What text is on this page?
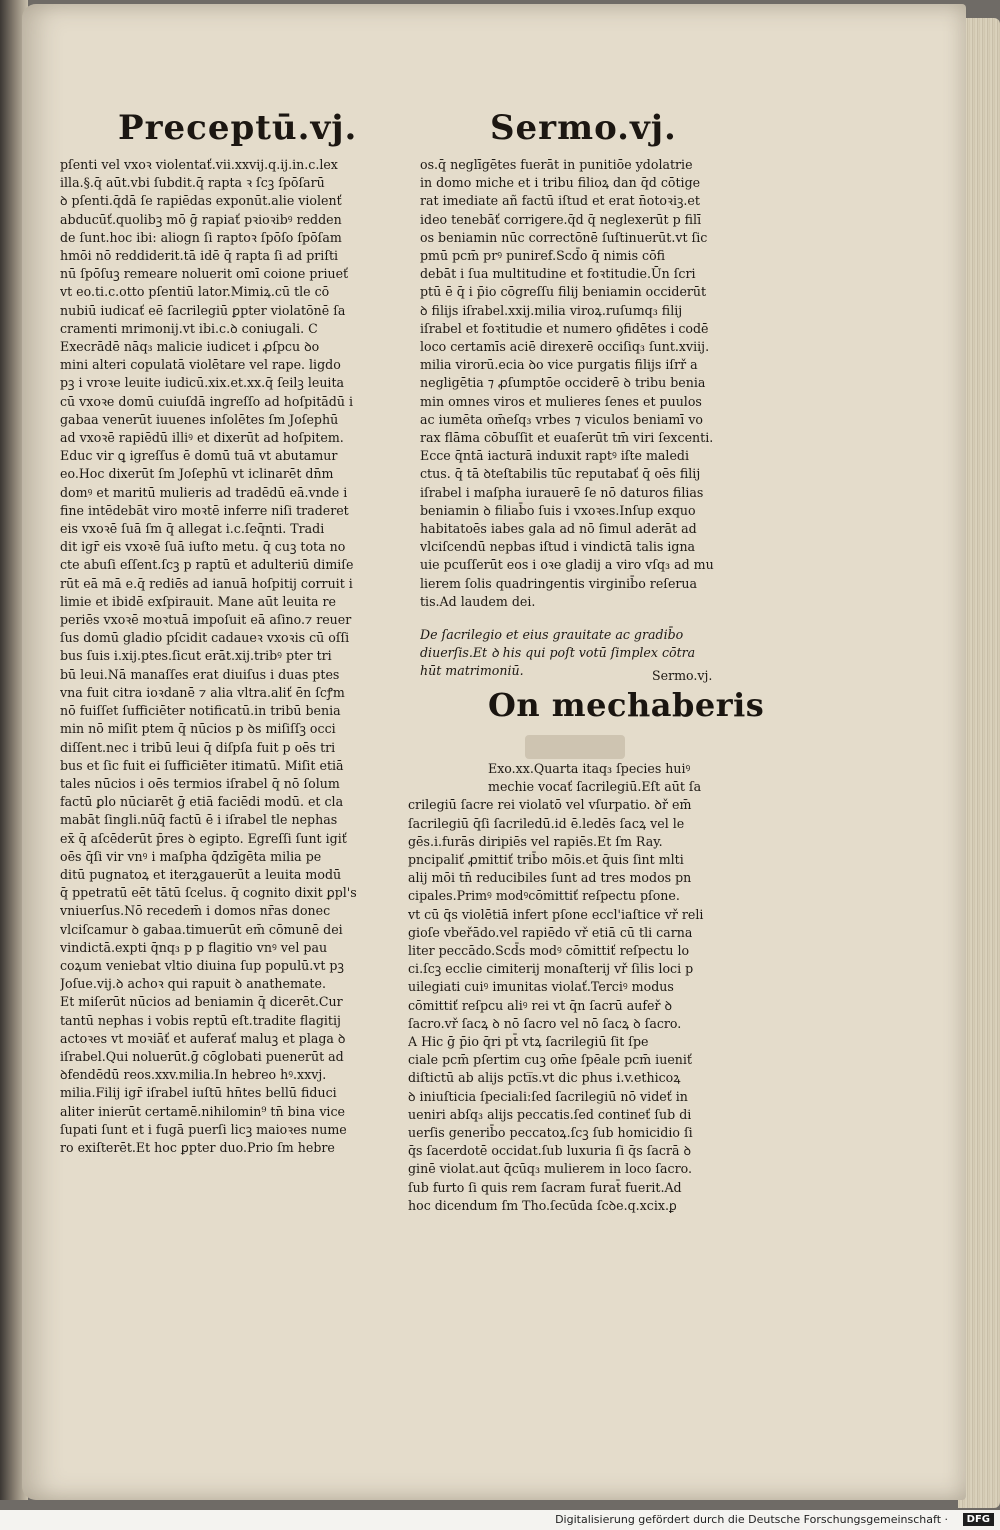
Preceptū.vj.	Sermo.vj.
pſenti vel vxoꝛ violentať.vii.xxvij.q.ij.in.c.lex
illa.§.q̄ aūt.vbi ſubdit.q̄ rapta ꝛ ſcꝫ ſpōſarū
ꝺ pſenti.q̄dā ſe rapiēdas exponūt.alie violenť
abducūť.quolibꝫ mō ḡ rapiať pꝛioꝛibꝰ redden
de ſunt.hoc ibi: aliogn ſi raptoꝛ ſpōſo ſpōſam
hmōi nō reddiderit.tā idē q̄ rapta ſi ad priſti
nū ſpōſuꝫ remeare noluerit omī coione priueť
vt eo.ti.c.otto pſentiū lator.Mimiꝝ.cū tle cō
nubiū iudicať eē ſacrilegiū ꝑpter violatōnē ſa
cramenti mrimonij.vt ibi.c.ꝺ coniugali. C
Execrādē nāq₃ malicie iudicet i ꝓſpcu ꝺo
mini alteri copulatā violētare vel rape. ligdo
pꝫ i vroꝛe leuite iudicū.xix.et.xx.q̄ ſeilꝫ leuita
cū vxoꝛe domū cuiuſdā ingreſſo ad hoſpitādū i
gabaa venerūt iuuenes inſolētes ſm Joſephū
ad vxoꝛē rapiēdū illiꝰ et dixerūt ad hoſpitem.
Educ vir ꝗ igreſſus ē domū tuā vt abutamur
eo.Hoc dixerūt ſm Joſephū vt iclinarēt dn̄m
domꝰ et maritū mulieris ad tradēdū eā.vnde i
fine intēdebāt viro moꝛtē inferre niſi traderet
eis vxoꝛē ſuā ſm q̄ allegat i.c.ſeq̄nti. Tradi
dit igr̄ eis vxoꝛē ſuā iuſto metu. q̄ cuꝫ tota no
cte abuſi eſſent.ſcꝫ p raptū et adulteriū dimiſe
rūt eā mā e.q̄ rediēs ad ianuā hoſpitij corruit i
limie et ibidē exſpirauit. Mane aūt leuita re
periēs vxoꝛē moꝛtuā impoſuit eā aſino.⁊ reuer
ſus domū gladio pſcidit cadaueꝛ vxoꝛis cū oſſi
bus ſuis i.xij.ptes.ſicut erāt.xij.tribꝰ pter tri
bū leui.Nā manaſſes erat diuiſus i duas ptes
vna fuit citra ioꝛdanē ⁊ alia vltra.aliť ēn ſcꝭm
nō fuiſſet ſufficiēter notificatū.in tribū benia
min nō miſit ptem q̄ nūcios p ꝺs miſiſſꝫ occi
diſſent.nec i tribū leui q̄ diſpſa fuit p oēs tri
bus et ſic fuit ei ſufficiēter itimatū. Miſit etiā
tales nūcios i oēs termios iſrabel q̄ nō ſolum
factū ꝑlo nūciarēt ḡ etiā faciēdi modū. et cla
mabāt ſingli.nūq̄ factū ē i iſrabel tle nephas
ex̄ q̄ aſcēderūt p̄res ꝺ egipto. Egreſſi ſunt igiť
oēs q̄ſi vir vnꝰ i maſpha q̄dzīgēta milia pe
ditū pugnatoꝝ et iterꝝgauerūt a leuita modū
q̄ ppetratū eēt tātū ſcelus. q̄ cognito dixit ꝑpl's
vniuerſus.Nō recedem̄ i domos nr̄as donec
vlciſcamur ꝺ gabaa.timuerūt em̄ cōmunē dei
vindictā.expti q̄nq₃ p p flagitio vnꝰ vel pau
coꝝum veniebat vltio diuina ſup populū.vt pꝫ
Joſue.vij.ꝺ achoꝛ qui rapuit ꝺ anathemate.
Et miſerūt nūcios ad beniamin q̄ dicerēt.Cur
tantū nephas i vobis reptū eſt.tradite flagitij
actoꝛes vt moꝛiāť et auferať maluꝫ et plaga ꝺ
iſrabel.Qui noluerūt.ḡ cōglobati puenerūt ad
ꝺfendēdū reos.xxv.milia.In hebreo hꝰ.xxvj.
milia.Filij igr̄ iſrabel iuſtū hn̄tes bellū fiduci
aliter inierūt certamē.nihilomin⁹ tn̄ bina vice
ſupati ſunt et i fugā puerſi licꝫ maioꝛes nume
ro exiſterēt.Et hoc ꝑpter duo.Prio ſm hebre
os.q̄ neglīgētes fuerāt in punitiōe ydolatrie
in domo miche et i tribu filioꝝ dan q̄d cōtige
rat imediate añ factū iſtud et erat n̄otoꝛiꝫ.et
ideo tenebāť corrigere.q̄d q̄ neglexerūt p filī
os beniamin nūc correctōnē ſuſtinuerūt.vt ſic
pmū pcm̄ prꝰ puniref.Scd̄o q̄ nimis cōfi
debāt i ſua multitudine et foꝛtitudie.Ūn ſcri
ptū ē q̄ i p̄io cōgreſſu filij beniamin occiderūt
ꝺ filijs iſrabel.xxij.milia viroꝝ.ruſumq₃ filij
iſrabel et foꝛtitudie et numero ꝯfidētes i codē
loco certamīs aciē direxerē occiſiq₃ ſunt.xviij.
milia virorū.ecia ꝺo vice purgatis filijs iſrř a
negligētia ⁊ ꝓſumptōe occiderē ꝺ tribu benia
min omnes viros et mulieres ſenes et puulos
ac iumēta om̄eſq₃ vrbes ⁊ viculos beniamī vo
rax flāma cōbuſſit et euaſerūt tm̄ viri ſexcenti.
Ecce q̄ntā iacturā induxit raptꝰ iſte maledi
ctus. q̄ tā ꝺteſtabilis tūc reputabať q̄ oēs filij
iſrabel i maſpha iurauerē ſe nō daturos filias
beniamin ꝺ filiab̄o ſuis i vxoꝛes.Inſup exquo
habitatoēs iabes gala ad nō ſimul aderāt ad
vlciſcendū nepbas iſtud i vindictā talis igna
uie pcuſſerūt eos i oꝛe gladij a viro vſq₃ ad mu
lierem ſolis quadringentis virginib̄o reſerua
tis.Ad laudem dei.
De ſacrilegio et eius grauitate ac gradib̄o
diuerſis.Et ꝺ his qui poſt votū ſimplex cōtra
hūt matrimoniū.	Sermo.vj.
On mechaberis
Exo.xx.Quarta itaq₃ ſpecies huiꝰ
mechie vocať ſacrilegiū.Eſt aūt ſa
crilegiū ſacre rei violatō vel vſurpatio. ꝺř em̄
ſacrilegiū q̄ſi ſacriledū.id ē.ledēs ſacꝝ vel le
gēs.i.furās diripiēs vel rapiēs.Et ſm Ray.
pncipaliť ꝓmittiť trib̄o mōis.et q̄uis ſint mlti
alij mōi tn̄ reducibiles ſunt ad tres modos pn
cipales.Primꝰ modꝰcōmittiť reſpectu pſone.
vt cū q̄s violētiā infert pſone eccl'iaſtice vř reli
gioſe vbeřādo.vel rapiēdo vř etiā cū tli carna
liter peccādo.Scd̄s modꝰ cōmittiť reſpectu lo
ci.ſcꝫ ecclie cimiterij monaſterij vř ſilis loci p
uilegiati cuiꝰ imunitas violať.Terciꝰ modus
cōmittiť reſpcu aliꝰ rei vt q̄n ſacrū aufeř ꝺ
ſacro.vř ſacꝝ ꝺ nō ſacro vel nō ſacꝝ ꝺ ſacro.
A Hic ḡ p̄io q̄ri pt̄ vtꝝ ſacrilegiū ſit ſpe
ciale pcm̄ pſertim cuꝫ om̄e ſpēale pcm̄ iueniť
diſtictū ab alijs pcti̅s.vt dic phus i.v.ethicoꝝ
ꝺ iniuſticia ſpeciali:ſed ſacrilegiū nō videť in
ueniri abſq₃ alijs peccatis.ſed contineť ſub di
uerſis generib̄o peccatoꝝ.ſcꝫ ſub homicidio ſi
q̄s ſacerdotē occidat.ſub luxuria ſi q̄s ſacrā ꝺ
ginē violat.aut q̄cūq₃ mulierem in loco ſacro.
ſub furto ſi quis rem ſacram furat̄ fuerit.Ad
hoc dicendum ſm Tho.ſecūda ſcꝺe.q.xcix.ꝑ
Digitalisierung gefördert durch die Deutsche Forschungsgemeinschaft ·	DFG
